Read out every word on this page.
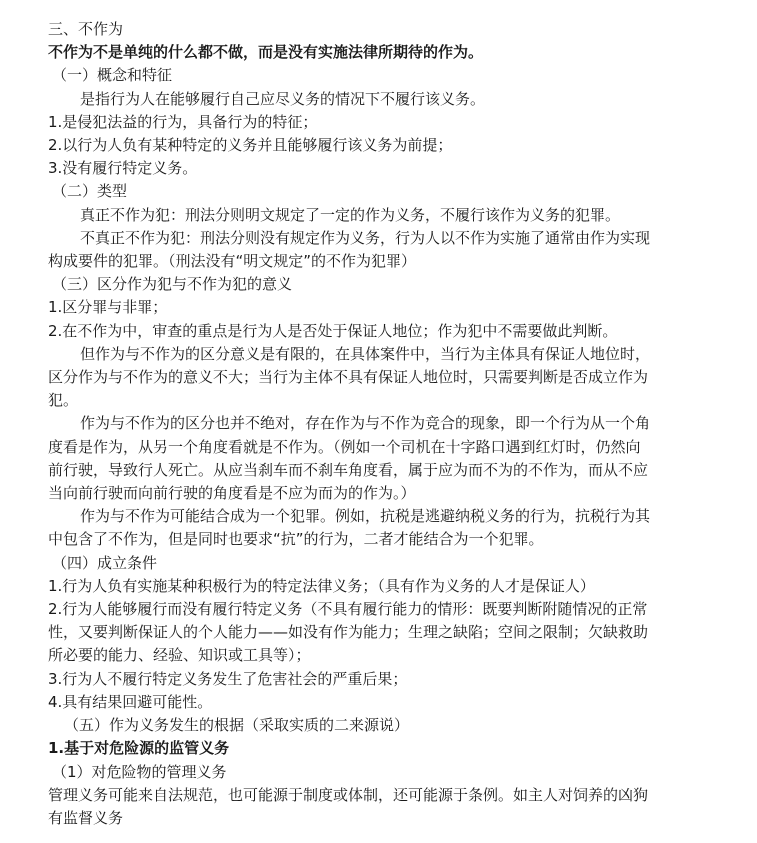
三、不作为
不作为不是单纯的什么都不做，而是没有实施法律所期待的作为。
（一）概念和特征
是指行为人在能够履行自己应尽义务的情况下不履行该义务。
1.是侵犯法益的行为，具备行为的特征；
2.以行为人负有某种特定的义务并且能够履行该义务为前提；
3.没有履行特定义务。
（二）类型
真正不作为犯：刑法分则明文规定了一定的作为义务，不履行该作为义务的犯罪。
不真正不作为犯：刑法分则没有规定作为义务，行为人以不作为实施了通常由作为实现
构成要件的犯罪。（刑法没有“明文规定”的不作为犯罪）
（三）区分作为犯与不作为犯的意义
1.区分罪与非罪；
2.在不作为中，审查的重点是行为人是否处于保证人地位；作为犯中不需要做此判断。
但作为与不作为的区分意义是有限的，在具体案件中，当行为主体具有保证人地位时，
区分作为与不作为的意义不大；当行为主体不具有保证人地位时，只需要判断是否成立作为
犯。
作为与不作为的区分也并不绝对，存在作为与不作为竞合的现象，即一个行为从一个角
度看是作为，从另一个角度看就是不作为。（例如一个司机在十字路口遇到红灯时，仍然向
前行驶，导致行人死亡。从应当刹车而不刹车角度看，属于应为而不为的不作为，而从不应
当向前行驶而向前行驶的角度看是不应为而为的作为。）
作为与不作为可能结合成为一个犯罪。例如，抗税是逃避纳税义务的行为，抗税行为其
中包含了不作为，但是同时也要求“抗”的行为，二者才能结合为一个犯罪。
（四）成立条件
1.行为人负有实施某种积极行为的特定法律义务；（具有作为义务的人才是保证人）
2.行为人能够履行而没有履行特定义务（不具有履行能力的情形：既要判断附随情况的正常
性，又要判断保证人的个人能力——如没有作为能力；生理之缺陷；空间之限制；欠缺救助
所必要的能力、经验、知识或工具等）；
3.行为人不履行特定义务发生了危害社会的严重后果；
4.具有结果回避可能性。
（五）作为义务发生的根据（采取实质的二来源说）
1.基于对危险源的监管义务
（1）对危险物的管理义务
管理义务可能来自法规范，也可能源于制度或体制，还可能源于条例。如主人对饲养的凶狗
有监督义务
